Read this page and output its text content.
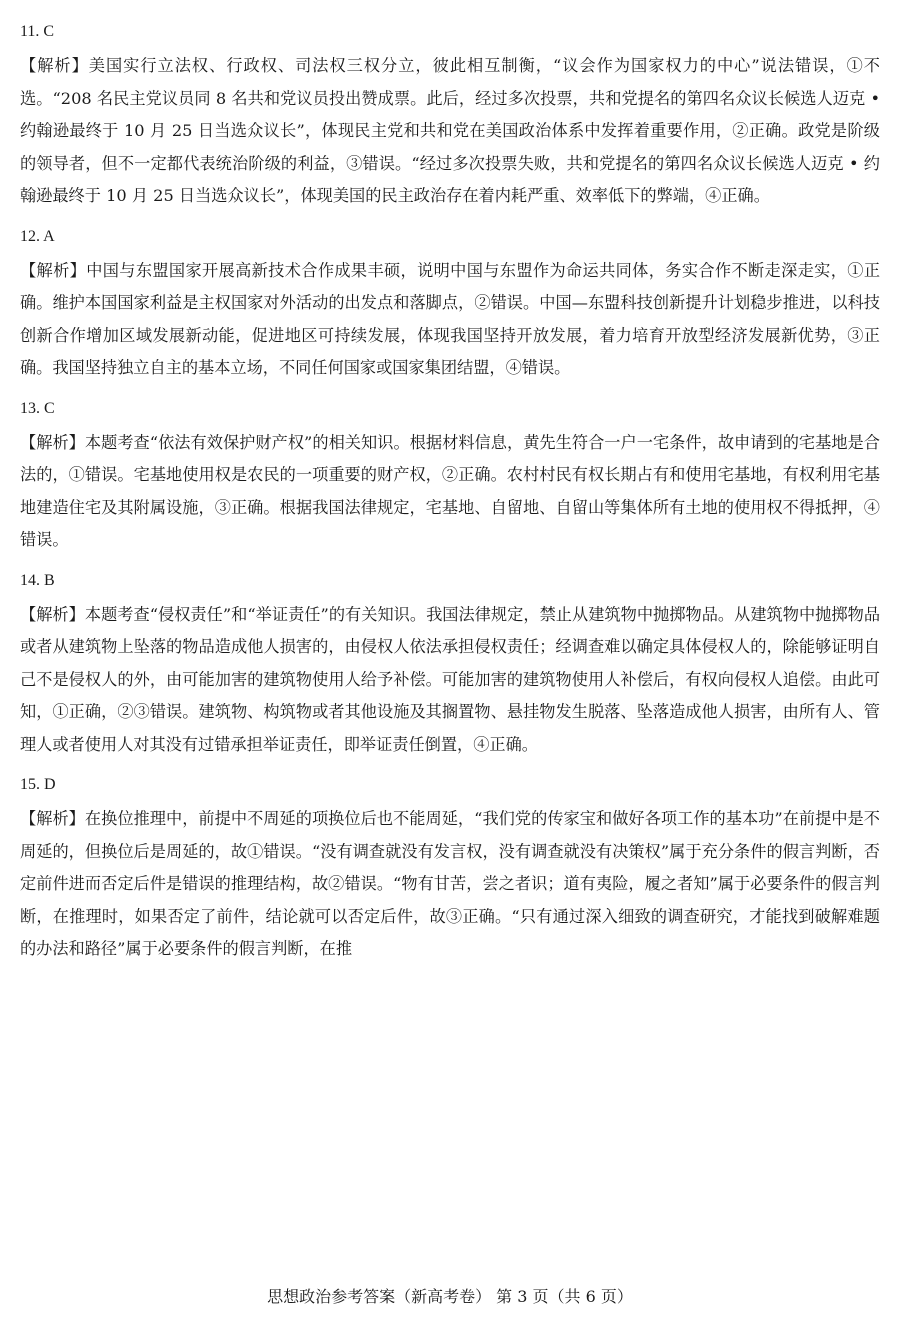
11. C
【解析】美国实行立法权、行政权、司法权三权分立，彼此相互制衡，“议会作为国家权力的中心”说法错误，①不选。“208 名民主党议员同 8 名共和党议员投出赞成票。此后，经过多次投票，共和党提名的第四名众议长候选人迈克 • 约翰逊最终于 10 月 25 日当选众议长”，体现民主党和共和党在美国政治体系中发挥着重要作用，②正确。政党是阶级的领导者，但不一定都代表统治阶级的利益，③错误。“经过多次投票失败，共和党提名的第四名众议长候选人迈克 • 约翰逊最终于 10 月 25 日当选众议长”，体现美国的民主政治存在着内耗严重、效率低下的弊端，④正确。
12. A
【解析】中国与东盟国家开展高新技术合作成果丰硕，说明中国与东盟作为命运共同体，务实合作不断走深走实，①正确。维护本国国家利益是主权国家对外活动的出发点和落脚点，②错误。中国—东盟科技创新提升计划稳步推进，以科技创新合作增加区域发展新动能，促进地区可持续发展，体现我国坚持开放发展，着力培育开放型经济发展新优势，③正确。我国坚持独立自主的基本立场，不同任何国家或国家集团结盟，④错误。
13. C
【解析】本题考查“依法有效保护财产权”的相关知识。根据材料信息，黄先生符合一户一宅条件，故申请到的宅基地是合法的，①错误。宅基地使用权是农民的一项重要的财产权，②正确。农村村民有权长期占有和使用宅基地，有权利用宅基地建造住宅及其附属设施，③正确。根据我国法律规定，宅基地、自留地、自留山等集体所有土地的使用权不得抵押，④错误。
14. B
【解析】本题考查“侵权责任”和“举证责任”的有关知识。我国法律规定，禁止从建筑物中抛掷物品。从建筑物中抛掷物品或者从建筑物上坠落的物品造成他人损害的，由侵权人依法承担侵权责任；经调查难以确定具体侵权人的，除能够证明自己不是侵权人的外，由可能加害的建筑物使用人给予补偿。可能加害的建筑物使用人补偿后，有权向侵权人追偿。由此可知，①正确，②③错误。建筑物、构筑物或者其他设施及其搁置物、悬挂物发生脱落、坠落造成他人损害，由所有人、管理人或者使用人对其没有过错承担举证责任，即举证责任倒置，④正确。
15. D
【解析】在换位推理中，前提中不周延的项换位后也不能周延，“我们党的传家宝和做好各项工作的基本功”在前提中是不周延的，但换位后是周延的，故①错误。“没有调查就没有发言权，没有调查就没有决策权”属于充分条件的假言判断，否定前件进而否定后件是错误的推理结构，故②错误。“物有甘苦，尝之者识；道有夷险，履之者知”属于必要条件的假言判断，在推理时，如果否定了前件，结论就可以否定后件，故③正确。“只有通过深入细致的调查研究，才能找到破解难题的办法和路径”属于必要条件的假言判断，在推
思想政治参考答案（新高考卷） 第 3 页（共 6 页）
